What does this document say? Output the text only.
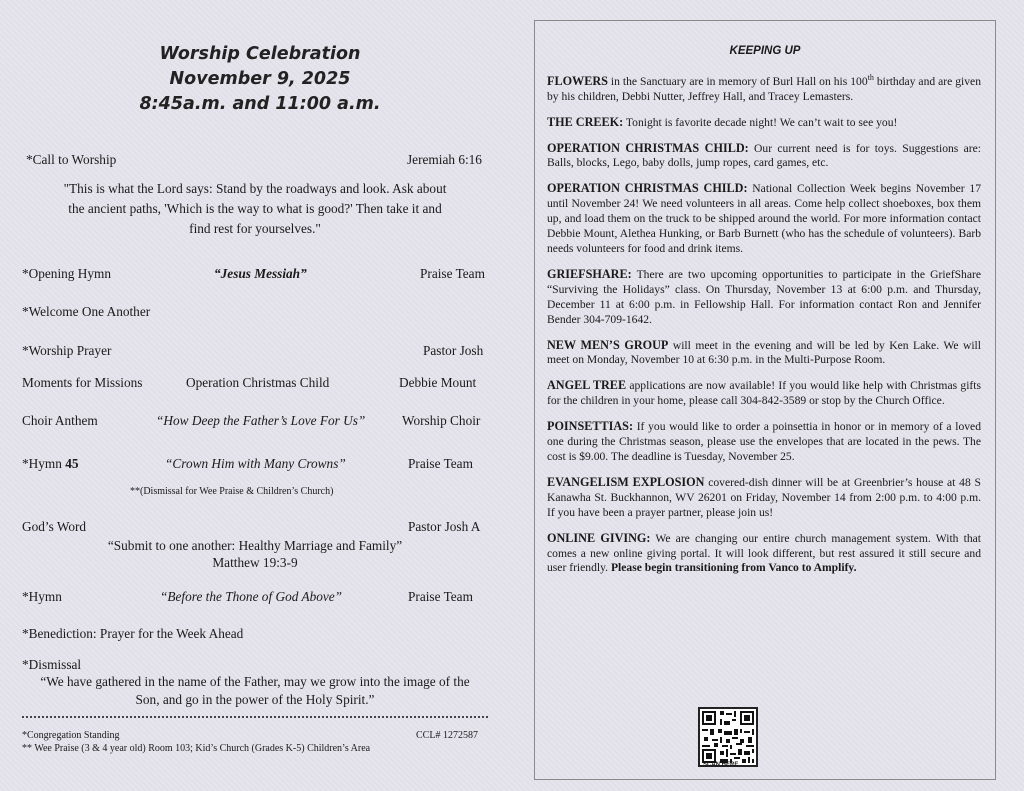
Worship Celebration
November 9, 2025
8:45a.m. and 11:00 a.m.
*Call to Worship	Jeremiah 6:16
"This is what the Lord says: Stand by the roadways and look. Ask about
the ancient paths, 'Which is the way to what is good?' Then take it and
find rest for yourselves."
*Opening Hymn	“Jesus Messiah”	Praise Team
*Welcome One Another
*Worship Prayer	Pastor Josh
Moments for Missions	Operation Christmas Child	Debbie Mount
Choir Anthem	“How Deep the Father’s Love For Us”	Worship Choir
*Hymn 45	“Crown Him with Many Crowns”	Praise Team
**(Dismissal for Wee Praise & Children’s Church)
God’s Word	Pastor Josh A
“Submit to one another: Healthy Marriage and Family”
Matthew 19:3-9
*Hymn	“Before the Thone of God Above”	Praise Team
*Benediction: Prayer for the Week Ahead
*Dismissal
“We have gathered in the name of the Father, may we grow into the image of the
Son, and go in the power of the Holy Spirit.”
*Congregation Standing	CCL# 1272587
** Wee Praise (3 & 4 year old) Room 103; Kid’s Church (Grades K-5) Children’s Area
KEEPING UP
FLOWERS in the Sanctuary are in memory of Burl Hall on his 100th birthday and are given by his children, Debbi Nutter, Jeffrey Hall, and Tracey Lemasters.
THE CREEK: Tonight is favorite decade night! We can’t wait to see you!
OPERATION CHRISTMAS CHILD: Our current need is for toys. Suggestions are: Balls, blocks, Lego, baby dolls, jump ropes, card games, etc.
OPERATION CHRISTMAS CHILD: National Collection Week begins November 17 until November 24! We need volunteers in all areas. Come help collect shoeboxes, box them up, and load them on the truck to be shipped around the world. For more information contact Debbie Mount, Alethea Hunking, or Barb Burnett (who has the schedule of volunteers). Barb needs volunteers for food and drink items.
GRIEFSHARE: There are two upcoming opportunities to participate in the GriefShare “Surviving the Holidays” class. On Thursday, November 13 at 6:00 p.m. and Thursday, December 11 at 6:00 p.m. in Fellowship Hall. For information contact Ron and Jennifer Bender 304-709-1642.
NEW MEN’S GROUP will meet in the evening and will be led by Ken Lake. We will meet on Monday, November 10 at 6:30 p.m. in the Multi-Purpose Room.
ANGEL TREE applications are now available! If you would like help with Christmas gifts for the children in your home, please call 304-842-3589 or stop by the Church Office.
POINSETTIAS: If you would like to order a poinsettia in honor or in memory of a loved one during the Christmas season, please use the envelopes that are located in the pews. The cost is $9.00. The deadline is Tuesday, November 25.
EVANGELISM EXPLOSION covered-dish dinner will be at Greenbrier’s house at 48 S Kanawha St. Buckhannon, WV 26201 on Friday, November 14 from 2:00 p.m. to 4:00 p.m. If you have been a prayer partner, please join us!
ONLINE GIVING: We are changing our entire church management system. With that comes a new online giving portal. It will look different, but rest assured it still secure and user friendly. Please begin transitioning from Vanco to Amplify.
SCAN HERE
